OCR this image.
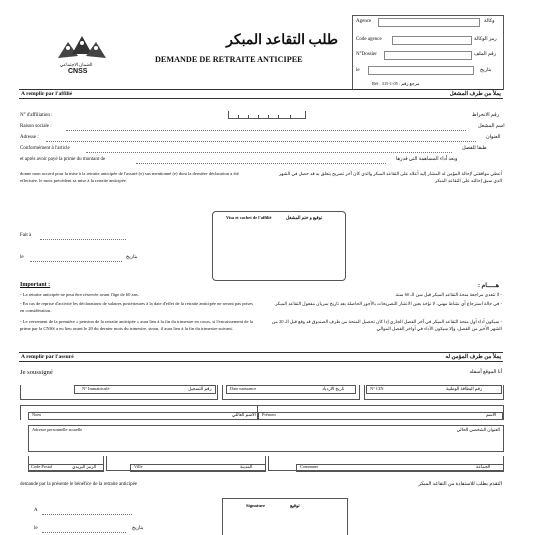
الضمان الاجتماعي
CNSS
طلب التقاعد المبكر
DEMANDE DE RETRAITE ANTICIPEE
Agence	وكالة
Code agence	رمز الوكالة
N°Dossier	رقم الملف
le	بتاريخ
Réf : 315-1-05 : مرجع رقم
A remplir par l'affilié	يملأ من طرف المشغل
N° d'affiliation :	رقم الانخراط
Raison sociale :	اسم المشغل
Adresse :	العنوان
Conformément à l'article	طبقا للفصل
et après avoir payé la prime du montant de	وبعد أداء المساهمة التي قدرها
donne mon accord pour la mise à la retraite anticipée de l'assuré (e) sus mentionné (e) dont la dernière déclaration a été effectuée, le mois précédent sa mise à la retraite anticipée.
أعطي موافقتي لإحالة المؤمن له المشار إليه أعلاه على التقاعد المبكر والذي كان آخر تصريح يتعلق به قد حصل في الشهر الذي سبق إحالته على التقاعد المبكر
Visa et cachet de l'affilié	توقيع و ختم المشغل
Fait à
le	بتاريخ
Important :	هـــــام :
- La retraite anticipée ne peut être réservée avant l'âge de 60 ans.
- En cas de reprise d'activité les déclarations de salaires postérieures à la date d'effet de la retraite anticipée ne seront pas prises en considération.
- Le versement de la première « pension de la retraite anticipée » aura lieu à la fin du trimestre en cours, si l'encaissement de la prime par la CNSS a eu lieu avant le 20 du dernier mois du trimestre, sinon, il aura lieu à la fin du trimestre suivant.
- لا تتعدى مراجعة منحة التقاعد المبكر قبل سن الـ 60 سنة.
- في حالة استرجاع أي نشاط مهني، لا تؤخذ بعين الاعتبار التصريحات بالأجور الحاصلة بعد تاريخ سريان مفعول التقاعد المبكر.
- سيكون أداء أول منحة التقاعد المبكر في آخر الفصل الجاري إذا كان تحصيل المنحة من طرف الصندوق قد وقع قبل الـ 20 من الشهر الأخير من الفصل، وإلا سيكون الأداء في أواخر الفصل الموالي.
A remplir par l'assuré	يملأ من طرف المؤمن له
Je soussigné	أنا الموقع أسفله
N° Immatriculé	رقم التسجيل	Date naissance	تاريخ الازدياد	N° CIN	رقم البطاقة الوطنية
Nom	الاسم العائلي Prénom	الاسم
Adresse personnelle actuelle	العنوان الشخصي الحالي
Code Postal	الرمز البريدي	Ville	المدينة	Commune	الجماعة
demande par la présente le bénéfice de la retraite anticipée	التقدم بطلب للاستفادة من التقاعد المبكر
A
le	بتاريخ
Signature	توقيع
